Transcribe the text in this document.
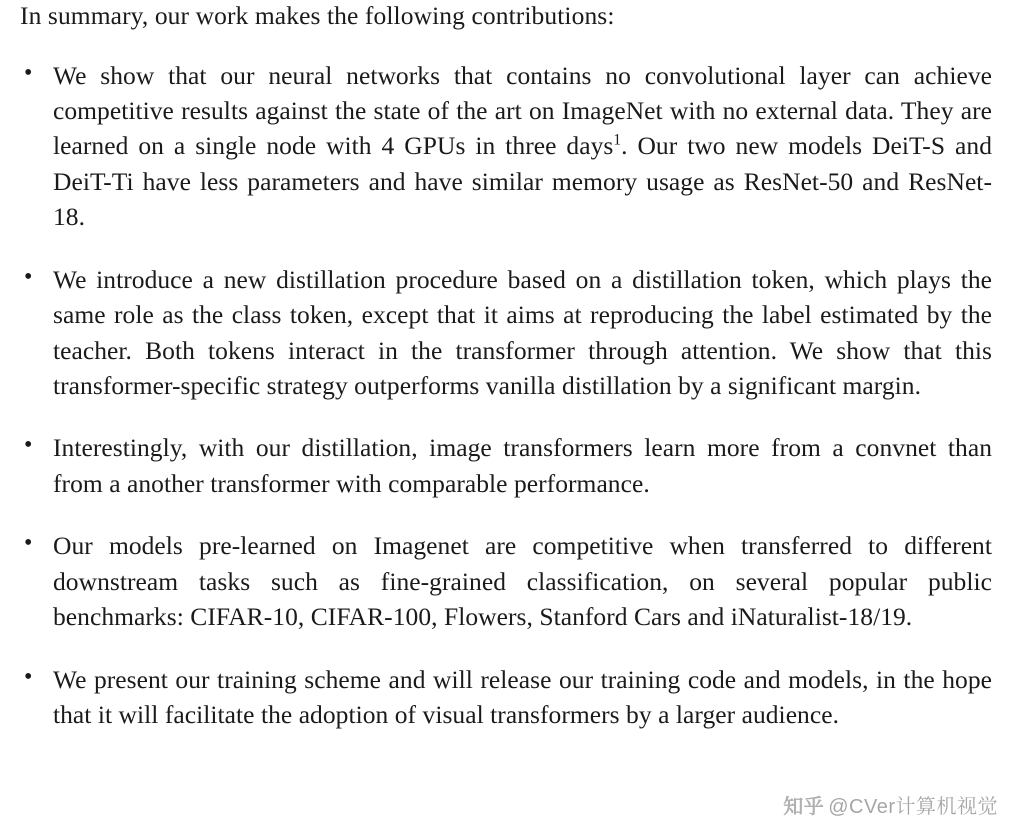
In summary, our work makes the following contributions:

• We show that our neural networks that contains no convolutional layer can achieve competitive results against the state of the art on ImageNet with no external data. They are learned on a single node with 4 GPUs in three days$^1$. Our two new models DeiT-S and DeiT-Ti have less parameters and have similar memory usage as ResNet-50 and ResNet-18.
• We introduce a new distillation procedure based on a distillation token, which plays the same role as the class token, except that it aims at reproducing the label estimated by the teacher. Both tokens interact in the transformer through attention. We show that this transformer-specific strategy outperforms vanilla distillation by a significant margin.
• Interestingly, with our distillation, image transformers learn more from a convnet than from a another transformer with comparable performance.
• Our models pre-learned on Imagenet are competitive when transferred to different downstream tasks such as fine-grained classification, on several popular public benchmarks: CIFAR-10, CIFAR-100, Flowers, Stanford Cars and iNaturalist-18/19.
• We present our training scheme and will release our training code and models, in the hope that it will facilitate the adoption of visual transformers by a larger audience.
知乎 @CVer计算机视觉
